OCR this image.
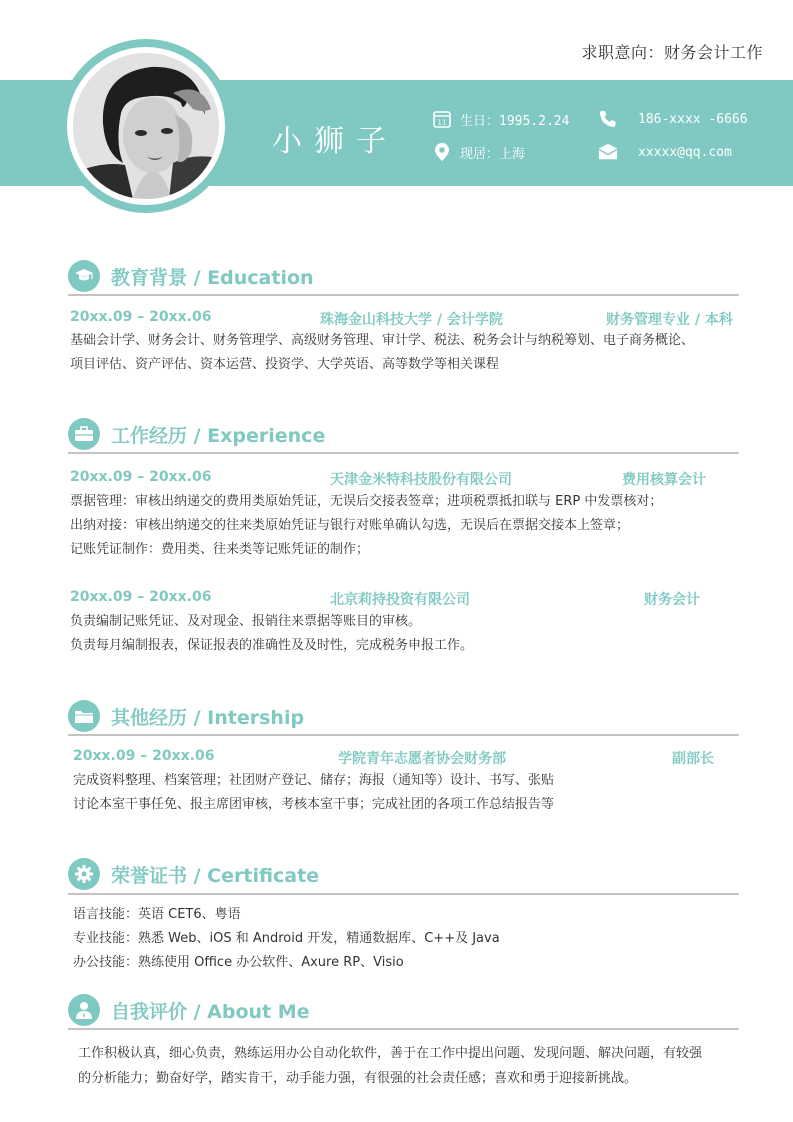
求职意向：财务会计工作
小狮子
11 生日：1995.2.24
现居：上海
186-xxxx -6666
xxxxx@qq.com
教育背景 / Education
20xx.09 – 20xx.06	珠海金山科技大学 / 会计学院	财务管理专业 / 本科
基础会计学、财务会计、财务管理学、高级财务管理、审计学、税法、税务会计与纳税筹划、电子商务概论、
项目评估、资产评估、资本运营、投资学、大学英语、高等数学等相关课程
工作经历 / Experience
20xx.09 – 20xx.06	天津金米特科技股份有限公司	费用核算会计
票据管理：审核出纳递交的费用类原始凭证，无误后交接表签章；进项税票抵扣联与 ERP 中发票核对；
出纳对接：审核出纳递交的往来类原始凭证与银行对账单确认勾选，无误后在票据交接本上签章；
记账凭证制作：费用类、往来类等记账凭证的制作；
20xx.09 – 20xx.06	北京莉持投资有限公司	财务会计
负责编制记账凭证、及对现金、报销往来票据等账目的审核。
负责每月编制报表，保证报表的准确性及及时性，完成税务申报工作。
其他经历 / Intership
20xx.09 – 20xx.06	学院青年志愿者协会财务部	副部长
完成资料整理、档案管理；社团财产登记、储存；海报（通知等）设计、书写、张贴
讨论本室干事任免、报主席团审核，考核本室干事；完成社团的各项工作总结报告等
荣誉证书 / Certificate
语言技能：英语 CET6、粤语
专业技能：熟悉 Web、iOS 和 Android 开发，精通数据库、C++及 Java
办公技能：熟练使用 Office 办公软件、Axure RP、Visio
自我评价 / About Me
工作积极认真，细心负责，熟练运用办公自动化软件，善于在工作中提出问题、发现问题、解决问题，有较强
的分析能力；勤奋好学，踏实肯干，动手能力强，有很强的社会责任感；喜欢和勇于迎接新挑战。
